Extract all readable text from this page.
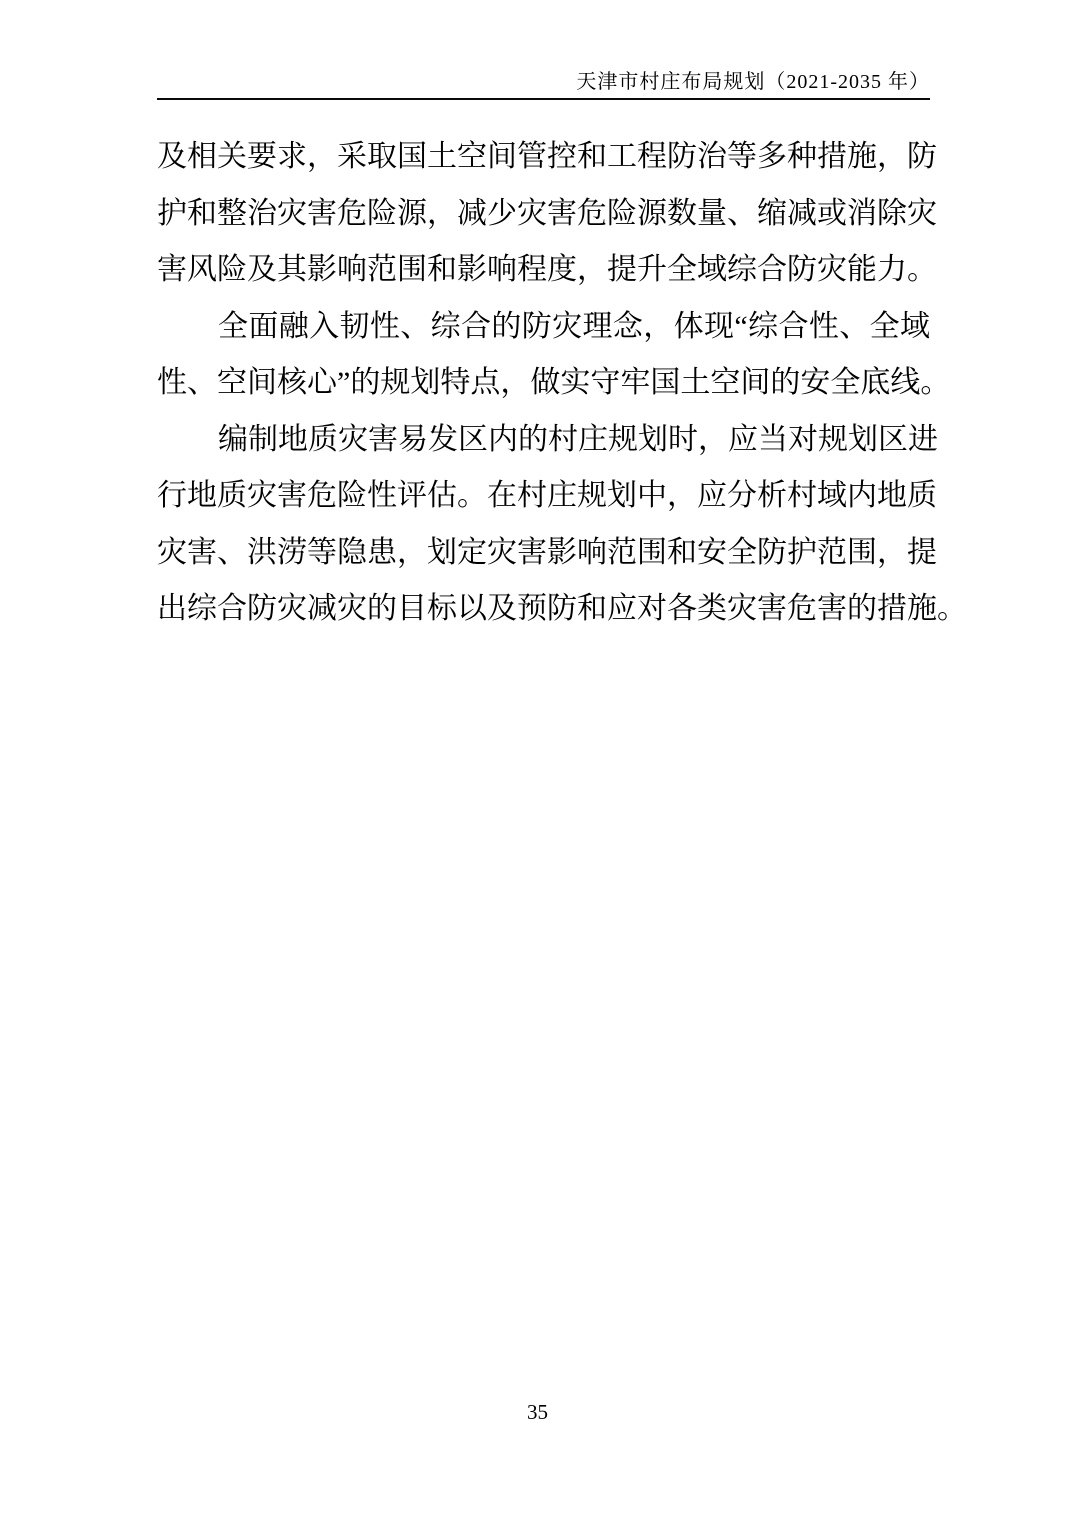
天津市村庄布局规划（2021-2035 年）
及 相 关 要 求 ， 采 取 国 土 空 间 管 控 和 工 程 防 治 等 多 种 措 施 ， 防
护 和 整 治 灾 害 危 险 源 ， 减 少 灾 害 危 险 源 数 量 、 缩 减 或 消 除 灾
害 风 险 及 其 影 响 范 围 和 影 响 程 度 ， 提 升 全 域 综 合 防 灾 能 力 。
全 面 融 入 韧 性 、 综 合 的 防 灾 理 念 ， 体 现 “ 综 合 性 、 全 域
性 、 空 间 核 心 ” 的 规 划 特 点 ， 做 实 守 牢 国 土 空 间 的 安 全 底 线 。
编 制 地 质 灾 害 易 发 区 内 的 村 庄 规 划 时 ， 应 当 对 规 划 区 进
行 地 质 灾 害 危 险 性 评 估 。 在 村 庄 规 划 中 ， 应 分 析 村 域 内 地 质
灾 害 、 洪 涝 等 隐 患 ， 划 定 灾 害 影 响 范 围 和 安 全 防 护 范 围 ， 提
出 综 合 防 灾 减 灾 的 目 标 以 及 预 防 和 应 对 各 类 灾 害 危 害 的 措 施 。
35
